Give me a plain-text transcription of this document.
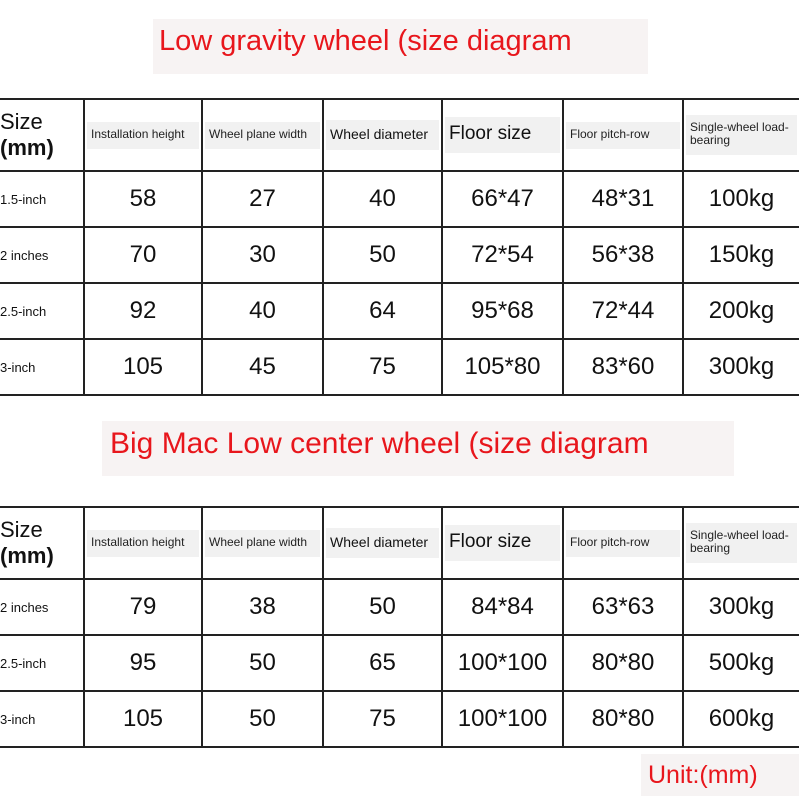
Low gravity wheel (size diagram
Size
(mm)	Installation height	Wheel plane width	Wheel diameter	Floor size	Floor pitch-row	Single-wheel load-bearing

1.5-inch	58	27	40	66*47	48*31	100kg
2 inches	70	30	50	72*54	56*38	150kg
2.5-inch	92	40	64	95*68	72*44	200kg
3-inch	105	45	75	105*80	83*60	300kg
Big Mac Low center wheel (size diagram
Size
(mm)	Installation height	Wheel plane width	Wheel diameter	Floor size	Floor pitch-row	Single-wheel load-bearing

2 inches	79	38	50	84*84	63*63	300kg
2.5-inch	95	50	65	100*100	80*80	500kg
3-inch	105	50	75	100*100	80*80	600kg
Unit:(mm)
